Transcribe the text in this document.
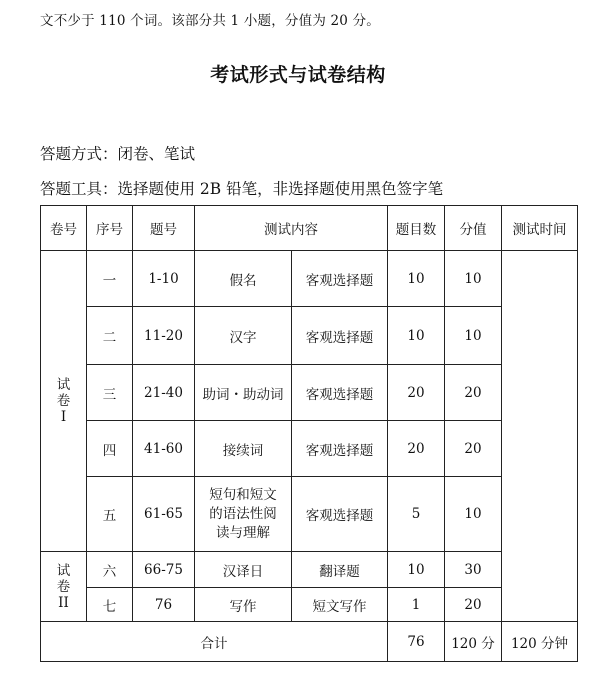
文不少于 110 个词。该部分共 1 小题，分值为 20 分。
考试形式与试卷结构
答题方式：闭卷、笔试
答题工具：选择题使用 2B 铅笔，非选择题使用黑色签字笔
卷号	序号	题号	测试内容		题目数	分值	测试时间
试卷I	一	1-10	假名	客观选择题	10	10	
	二	11-20	汉字	客观选择题	10	10	
	三	21-40	助词・助动词	客观选择题	20	20	
	四	41-60	接续词	客观选择题	20	20	
	五	61-65	短句和短文的语法性阅读与理解	客观选择题	5	10	
试卷II	六	66-75	汉译日	翻译题	10	30	
	七	76	写作	短文写作	1	20	
合计					76	120 分	120 分钟
